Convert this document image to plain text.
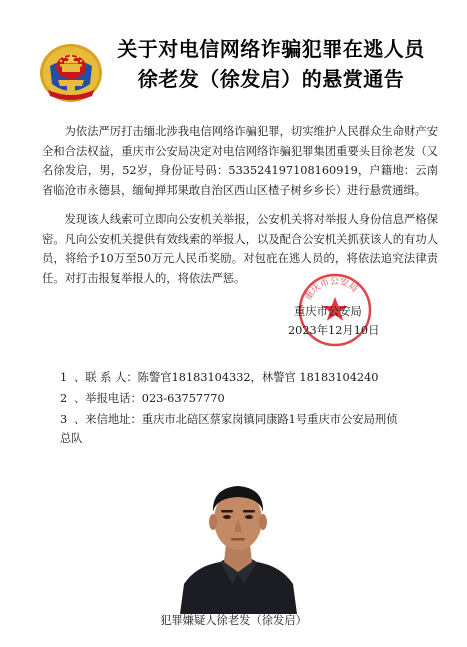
关于对电信网络诈骗犯罪在逃人员
徐老发（徐发启）的悬赏通告
为依法严厉打击缅北涉我电信网络诈骗犯罪，切实维护人民群众生命财产安全和合法权益，重庆市公安局决定对电信网络诈骗犯罪集团重要头目徐老发（又名徐发启，男，52岁，身份证号码：533524197108160919，户籍地：云南省临沧市永德县，缅甸掸邦果敢自治区西山区楂子树乡乡长）进行悬赏通缉。
发现该人线索可立即向公安机关举报，公安机关将对举报人身份信息严格保密。凡向公安机关提供有效线索的举报人，以及配合公安机关抓获该人的有功人员，将给予10万至50万元人民币奖励。对包庇在逃人员的，将依法追究法律责任。对打击报复举报人的，将依法严惩。
重庆市公安局
重庆市公安局
2023年12月10日
1 、联 系 人： 陈警官18183104332，林警官 18183104240
2 、举报电话： 023-63757770
3 、来信地址： 重庆市北碚区蔡家岗镇同康路1号重庆市公安局刑侦
总队
犯罪嫌疑人徐老发（徐发启）
